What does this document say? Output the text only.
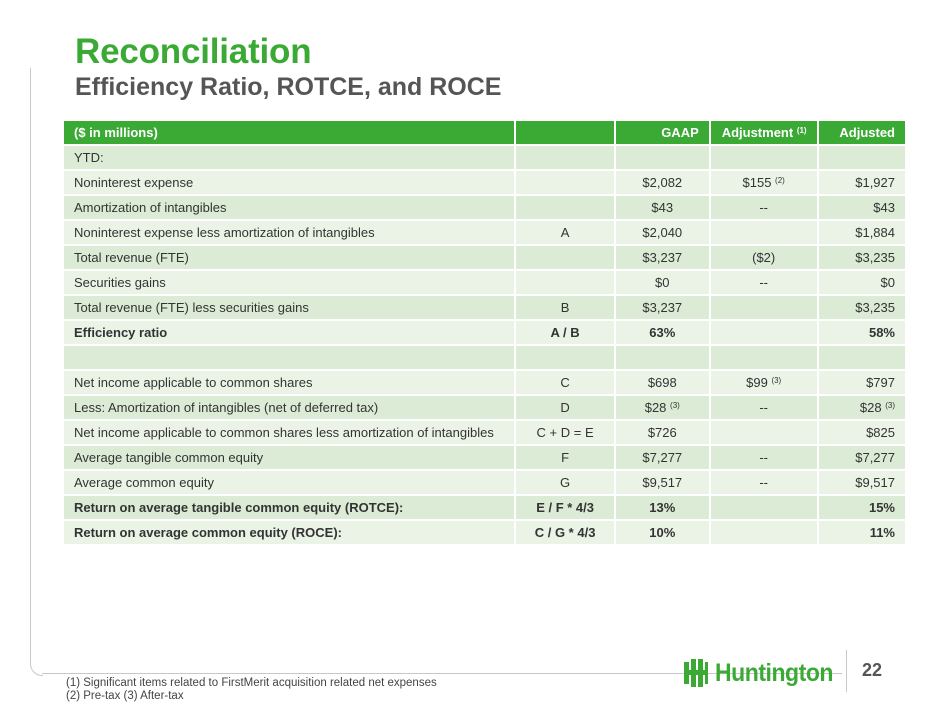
Reconciliation
Efficiency Ratio, ROTCE, and ROCE
($ in millions)		GAAP	Adjustment $^{(1)}$	Adjusted
YTD:				
Noninterest expense		$2,082	$155 $^{(2)}$	$1,927
Amortization of intangibles		$43	--	$43
Noninterest expense less amortization of intangibles	A	$2,040		$1,884
Total revenue (FTE)		$3,237	($2)	$3,235
Securities gains		$0	--	$0
Total revenue (FTE) less securities gains	B	$3,237		$3,235
Efficiency ratio	A / B	63%		58%

Net income applicable to common shares	C	$698	$99 $^{(3)}$	$797
Less: Amortization of intangibles (net of deferred tax)	D	$28 $^{(3)}$	--	$28 $^{(3)}$
Net income applicable to common shares less amortization of intangibles	C + D = E	$726		$825
Average tangible common equity	F	$7,277	--	$7,277
Average common equity	G	$9,517	--	$9,517
Return on average tangible common equity (ROTCE):	E / F * 4/3	13%		15%
Return on average common equity (ROCE):	C / G * 4/3	10%		11%
(1) Significant items related to FirstMerit acquisition related net expenses
(2) Pre-tax (3) After-tax
Huntington 22
